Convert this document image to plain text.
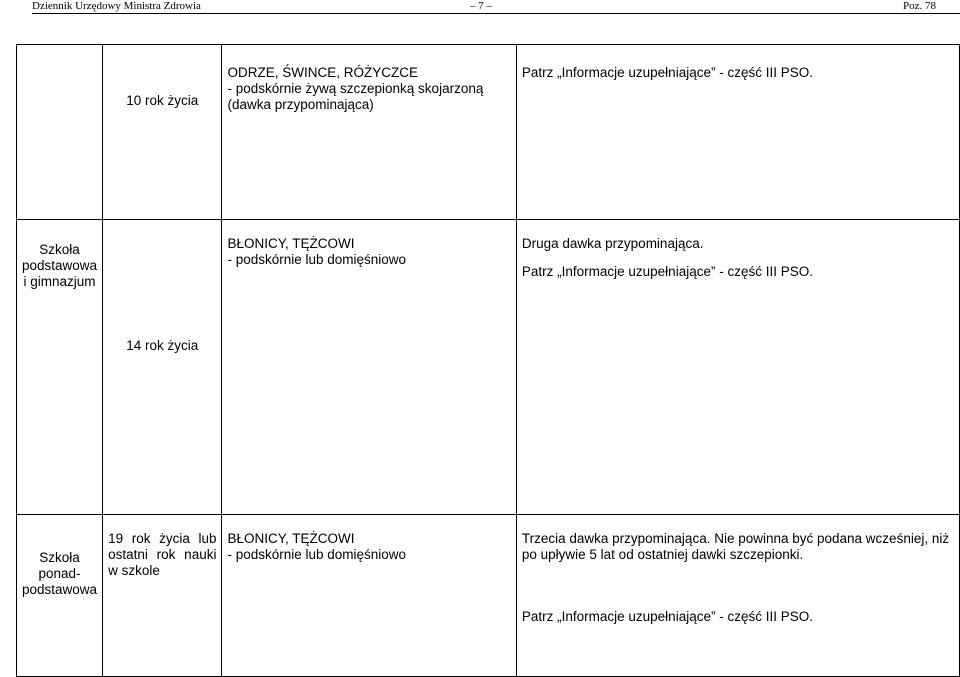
Dziennik Urzędowy Ministra Zdrowia	– 7 –	Poz. 78
	10 rok życia	ODRZE, ŚWINCE, RÓŻYCZCE
- podskórnie żywą szczepionką skojarzoną
(dawka przypominająca)	Patrz „Informacje uzupełniające” - część III PSO.

Szkoła
podstawowa
i gimnazjum	14 rok życia	BŁONICY, TĘŻCOWI
- podskórnie lub domięśniowo	Druga dawka przypominająca.
Patrz „Informacje uzupełniające” - część III PSO.

Szkoła
ponad-
podstawowa	19 rok życia lub ostatni rok nauki w szkole	BŁONICY, TĘŻCOWI
- podskórnie lub domięśniowo	Trzecia dawka przypominająca. Nie powinna być podana wcześniej, niż po upływie 5 lat od ostatniej dawki szczepionki.
Patrz „Informacje uzupełniające” - część III PSO.
